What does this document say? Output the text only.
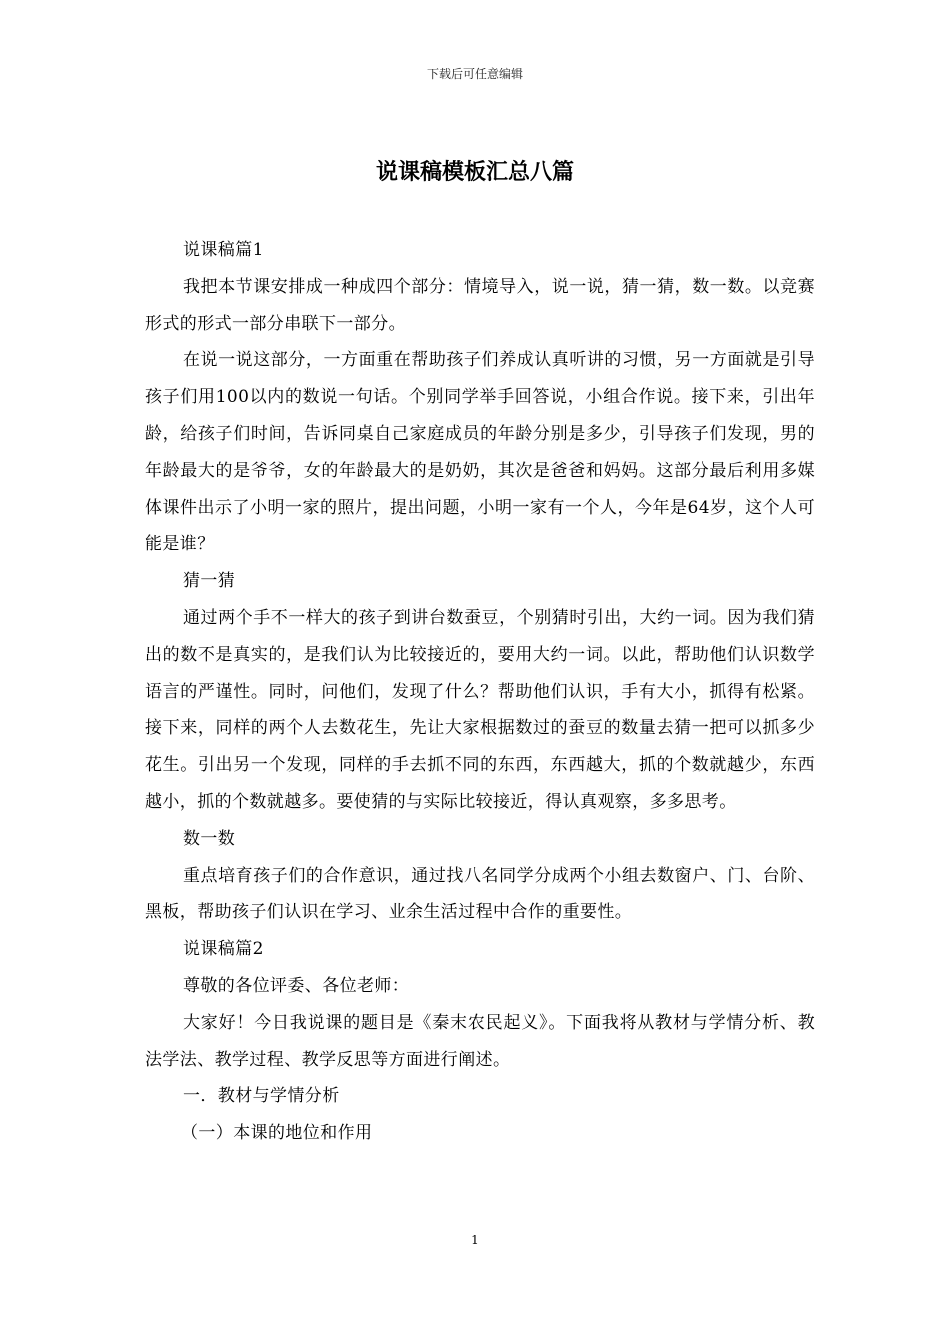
下载后可任意编辑
说课稿模板汇总八篇

说课稿篇1

我把本节课安排成一种成四个部分：情境导入，说一说，猜一猜，数一数。以竞赛形式的形式一部分串联下一部分。

在说一说这部分，一方面重在帮助孩子们养成认真听讲的习惯，另一方面就是引导孩子们用100以内的数说一句话。个别同学举手回答说，小组合作说。接下来，引出年龄，给孩子们时间，告诉同桌自己家庭成员的年龄分别是多少，引导孩子们发现，男的年龄最大的是爷爷，女的年龄最大的是奶奶，其次是爸爸和妈妈。这部分最后利用多媒体课件出示了小明一家的照片，提出问题，小明一家有一个人，今年是64岁，这个人可能是谁？

猜一猜

通过两个手不一样大的孩子到讲台数蚕豆，个别猜时引出，大约一词。因为我们猜出的数不是真实的，是我们认为比较接近的，要用大约一词。以此，帮助他们认识数学语言的严谨性。同时，问他们，发现了什么？帮助他们认识，手有大小，抓得有松紧。接下来，同样的两个人去数花生，先让大家根据数过的蚕豆的数量去猜一把可以抓多少花生。引出另一个发现，同样的手去抓不同的东西，东西越大，抓的个数就越少，东西越小，抓的个数就越多。要使猜的与实际比较接近，得认真观察，多多思考。

数一数

重点培育孩子们的合作意识，通过找八名同学分成两个小组去数窗户、门、台阶、黑板，帮助孩子们认识在学习、业余生活过程中合作的重要性。

说课稿篇2

尊敬的各位评委、各位老师：

大家好！今日我说课的题目是《秦末农民起义》。下面我将从教材与学情分析、教法学法、教学过程、教学反思等方面进行阐述。

一．教材与学情分析

（一）本课的地位和作用

1
